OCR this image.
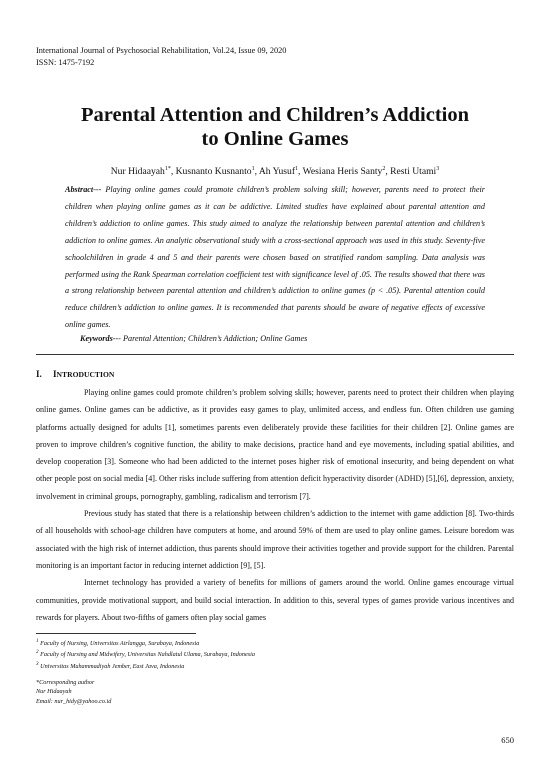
International Journal of Psychosocial Rehabilitation, Vol.24, Issue 09, 2020
ISSN: 1475-7192
Parental Attention and Children’s Addiction
to Online Games
Nur Hidaayah$^{1*}$, Kusnanto Kusnanto$^1$, Ah Yusuf$^1$, Wesiana Heris Santy$^2$, Resti Utami$^3$
Abstract--- Playing online games could promote children’s problem solving skill; however, parents need to protect their children when playing online games as it can be addictive. Limited studies have explained about parental attention and children’s addiction to online games. This study aimed to analyze the relationship between parental attention and children’s addiction to online games. An analytic observational study with a cross-sectional approach was used in this study. Seventy-five schoolchildren in grade 4 and 5 and their parents were chosen based on stratified random sampling. Data analysis was performed using the Rank Spearman correlation coefficient test with significance level of .05. The results showed that there was a strong relationship between parental attention and children’s addiction to online games (p < .05). Parental attention could reduce children’s addiction to online games. It is recommended that parents should be aware of negative effects of excessive online games.
Keywords--- Parental Attention; Children’s Addiction; Online Games
I. INTRODUCTION

Playing online games could promote children’s problem solving skills; however, parents need to protect their children when playing online games. Online games can be addictive, as it provides easy games to play, unlimited access, and endless fun. Often children use gaming platforms actually designed for adults [1], sometimes parents even deliberately provide these facilities for their children [2]. Online games are proven to improve children’s cognitive function, the ability to make decisions, practice hand and eye movements, including spatial abilities, and develop cooperation [3]. Someone who had been addicted to the internet poses higher risk of emotional insecurity, and being dependent on what other people post on social media [4]. Other risks include suffering from attention deficit hyperactivity disorder (ADHD) [5],[6], depression, anxiety, involvement in criminal groups, pornography, gambling, radicalism and terrorism [7].

Previous study has stated that there is a relationship between children’s addiction to the internet with game addiction [8]. Two-thirds of all households with school-age children have computers at home, and around 59% of them are used to play online games. Leisure boredom was associated with the high risk of internet addiction, thus parents should improve their activities together and provide support for the children. Parental monitoring is an important factor in reducing internet addiction [9], [5].

Internet technology has provided a variety of benefits for millions of gamers around the world. Online games encourage virtual communities, provide motivational support, and build social interaction. In addition to this, several types of games provide various incentives and rewards for players. About two-fifths of gamers often play social games

$^1$ Faculty of Nursing, Universitas Airlangga, Surabaya, Indonesia
$^2$ Faculty of Nursing and Midwifery, Universitas Nahdlatul Ulama, Surabaya, Indonesia
$^3$ Universitas Muhammadiyah Jember, East Java, Indonesia
*Corresponding author
Nur Hidaayah
Email: nur_hidy@yahoo.co.id
650
